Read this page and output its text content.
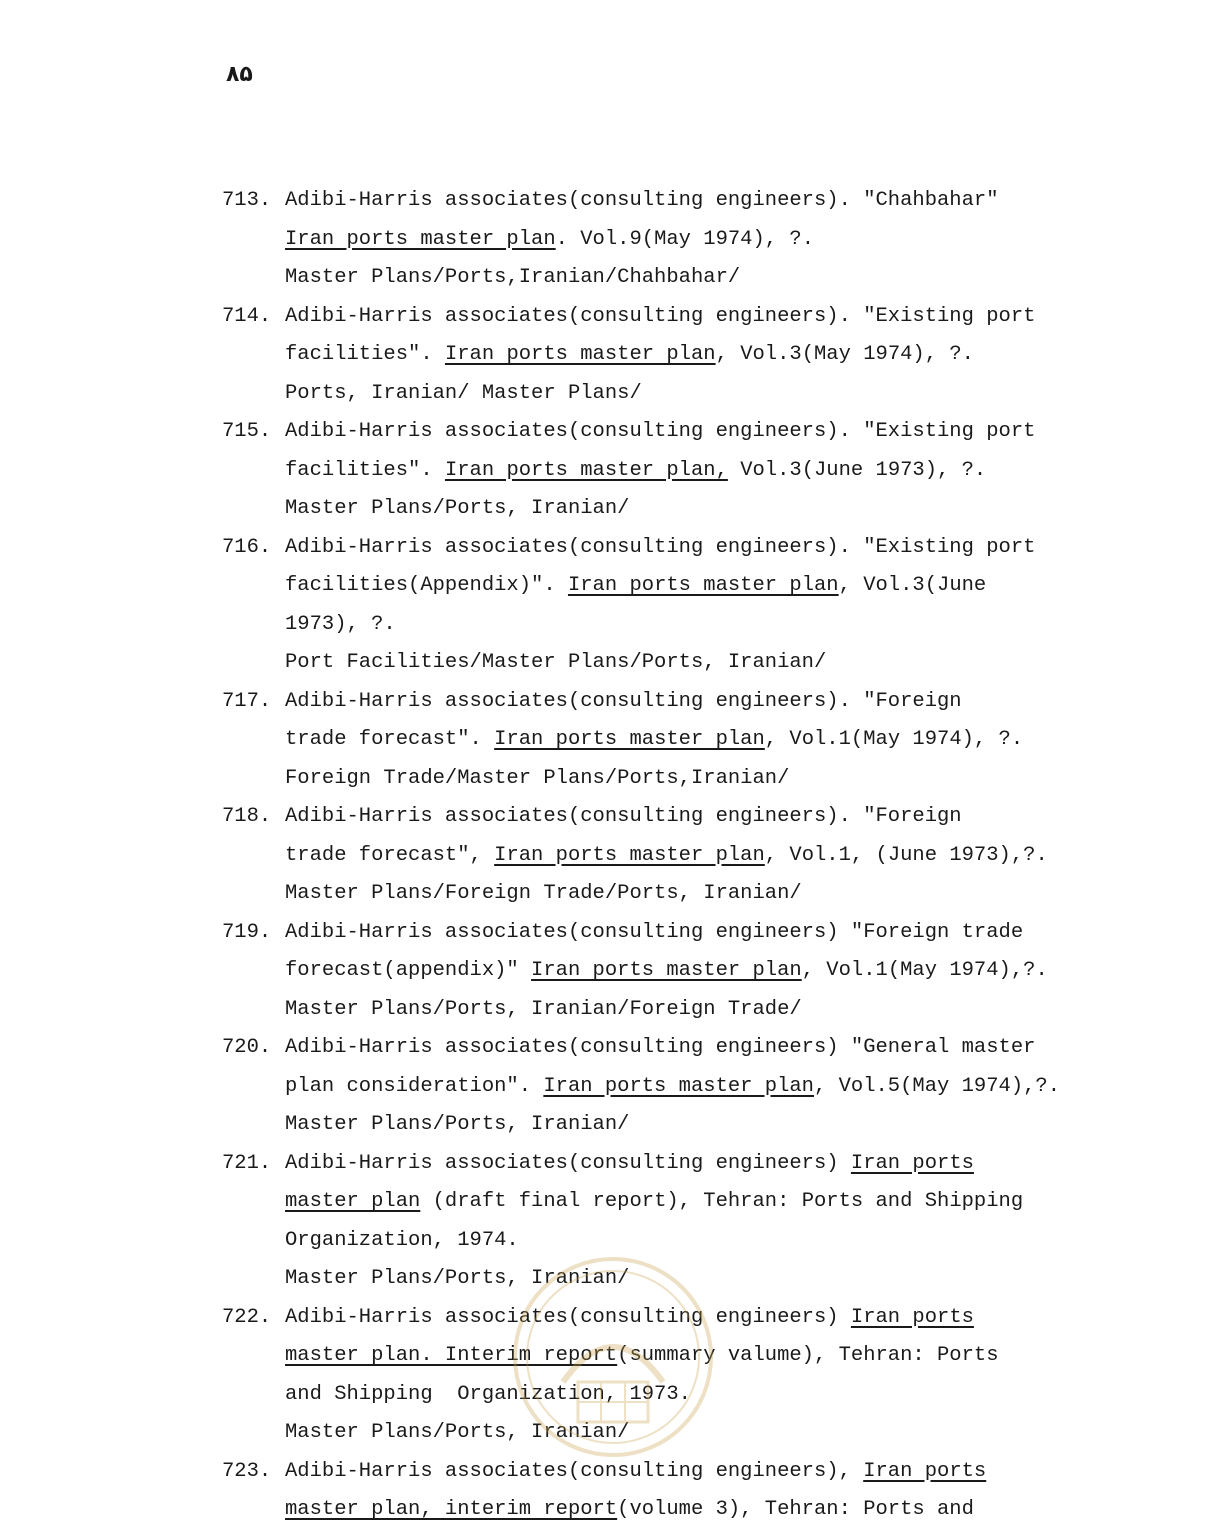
۸۵
713. Adibi-Harris associates(consulting engineers). "Chahbahar"
Iran ports master plan. Vol.9(May 1974), ?.
Master Plans/Ports,Iranian/Chahbahar/
714. Adibi-Harris associates(consulting engineers). "Existing port
facilities". Iran ports master plan, Vol.3(May 1974), ?.
Ports, Iranian/ Master Plans/
715. Adibi-Harris associates(consulting engineers). "Existing port
facilities". Iran ports master plan, Vol.3(June 1973), ?.
Master Plans/Ports, Iranian/
716. Adibi-Harris associates(consulting engineers). "Existing port
facilities(Appendix)". Iran ports master plan, Vol.3(June
1973), ?.
Port Facilities/Master Plans/Ports, Iranian/
717. Adibi-Harris associates(consulting engineers). "Foreign
trade forecast". Iran ports master plan, Vol.1(May 1974), ?.
Foreign Trade/Master Plans/Ports,Iranian/
718. Adibi-Harris associates(consulting engineers). "Foreign
trade forecast", Iran ports master plan, Vol.1, (June 1973),?.
Master Plans/Foreign Trade/Ports, Iranian/
719. Adibi-Harris associates(consulting engineers) "Foreign trade
forecast(appendix)" Iran ports master plan, Vol.1(May 1974),?.
Master Plans/Ports, Iranian/Foreign Trade/
720. Adibi-Harris associates(consulting engineers) "General master
plan consideration". Iran ports master plan, Vol.5(May 1974),?.
Master Plans/Ports, Iranian/
721. Adibi-Harris associates(consulting engineers) Iran ports
master plan (draft final report), Tehran: Ports and Shipping
Organization, 1974.
Master Plans/Ports, Iranian/
722. Adibi-Harris associates(consulting engineers) Iran ports
master plan. Interim report(summary valume), Tehran: Ports
and Shipping  Organization, 1973.
Master Plans/Ports, Iranian/
723. Adibi-Harris associates(consulting engineers), Iran ports
master plan, interim report(volume 3), Tehran: Ports and
